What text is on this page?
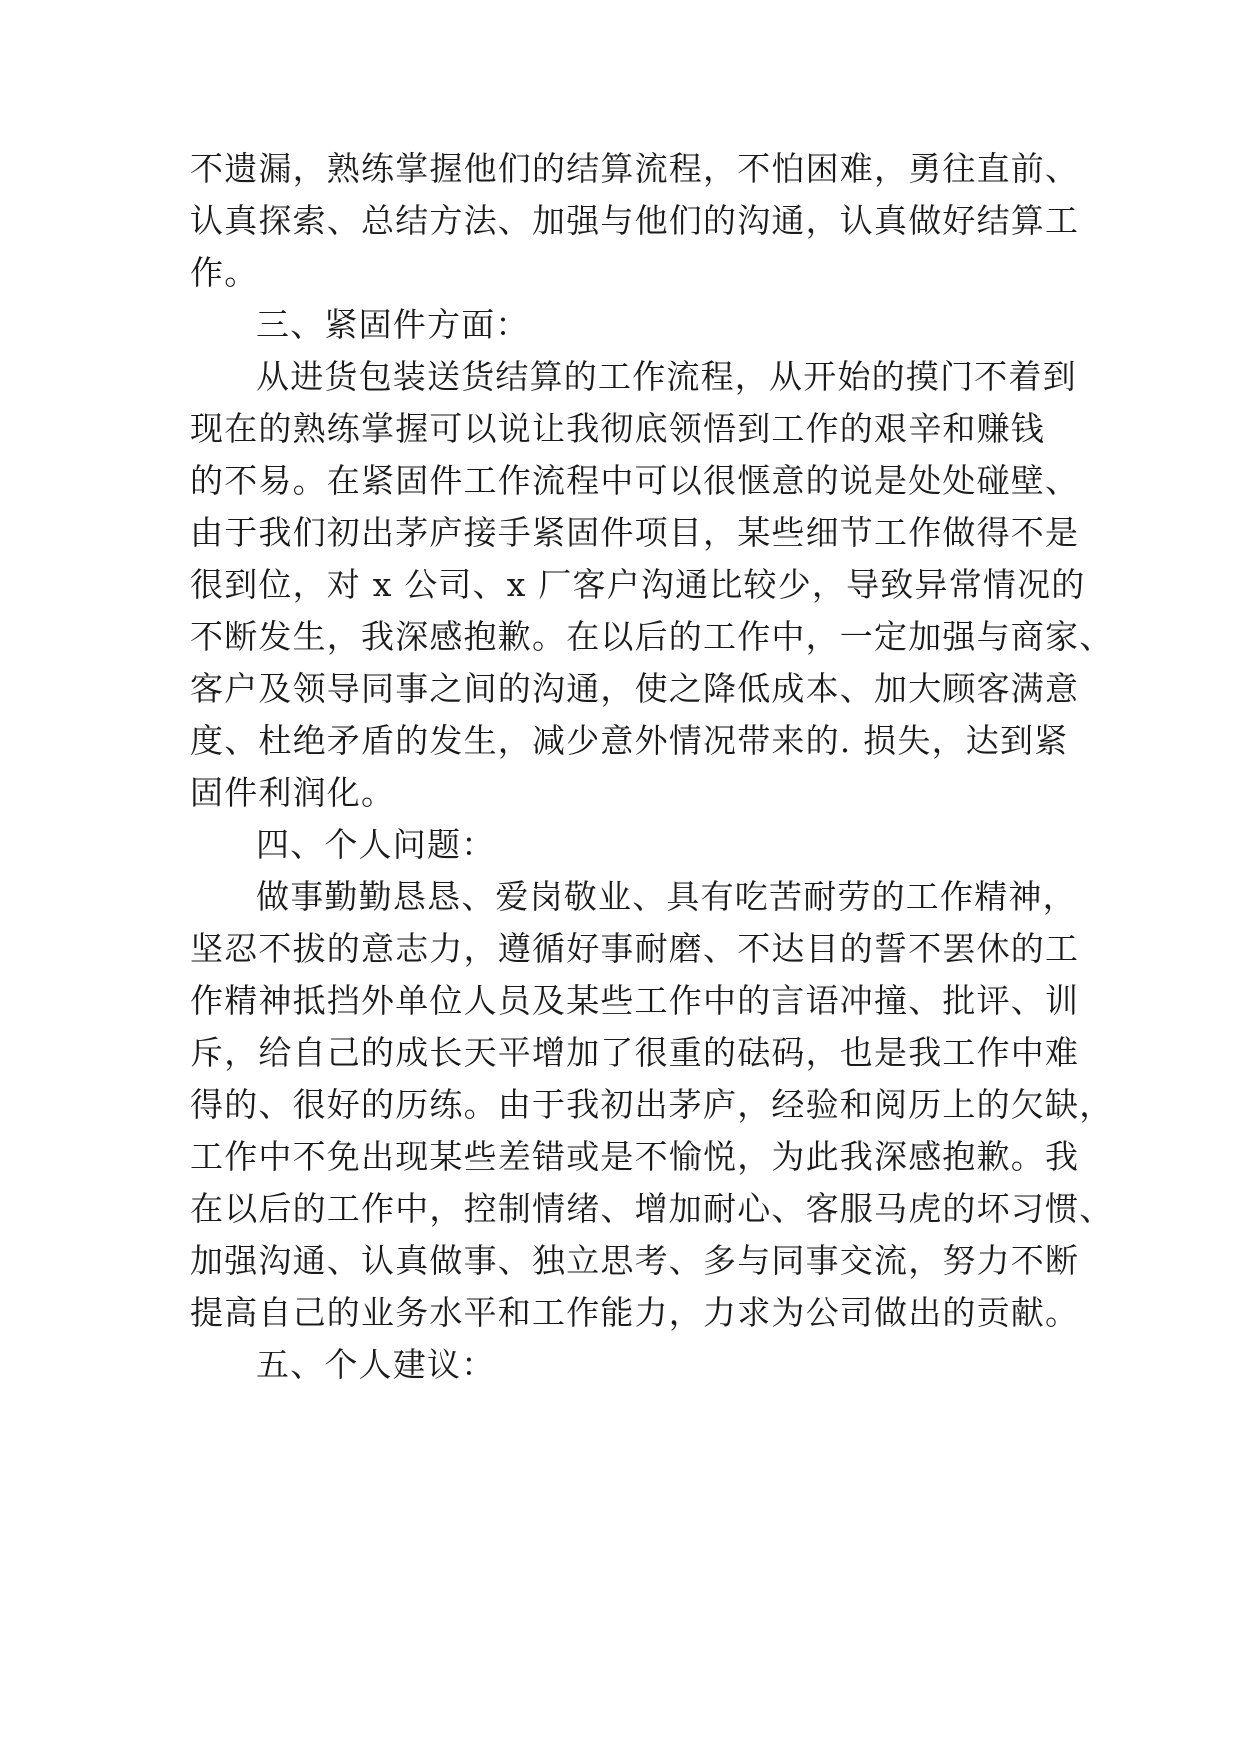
不遗漏，熟练掌握他们的结算流程，不怕困难，勇往直前、
认真探索、总结方法、加强与他们的沟通，认真做好结算工
作。
三、紧固件方面：
从进货包装送货结算的工作流程，从开始的摸门不着到
现在的熟练掌握可以说让我彻底领悟到工作的艰辛和赚钱
的不易。在紧固件工作流程中可以很惬意的说是处处碰壁、
由于我们初出茅庐接手紧固件项目，某些细节工作做得不是
很到位，对 x 公司、x 厂客户沟通比较少，导致异常情况的
不断发生，我深感抱歉。在以后的工作中，一定加强与商家、
客户及领导同事之间的沟通，使之降低成本、加大顾客满意
度、杜绝矛盾的发生，减少意外情况带来的. 损失，达到紧
固件利润化。
四、个人问题：
做事勤勤恳恳、爱岗敬业、具有吃苦耐劳的工作精神，
坚忍不拔的意志力，遵循好事耐磨、不达目的誓不罢休的工
作精神抵挡外单位人员及某些工作中的言语冲撞、批评、训
斥，给自己的成长天平增加了很重的砝码，也是我工作中难
得的、很好的历练。由于我初出茅庐，经验和阅历上的欠缺，
工作中不免出现某些差错或是不愉悦，为此我深感抱歉。我
在以后的工作中，控制情绪、增加耐心、客服马虎的坏习惯、
加强沟通、认真做事、独立思考、多与同事交流，努力不断
提高自己的业务水平和工作能力，力求为公司做出的贡献。
五、个人建议：
